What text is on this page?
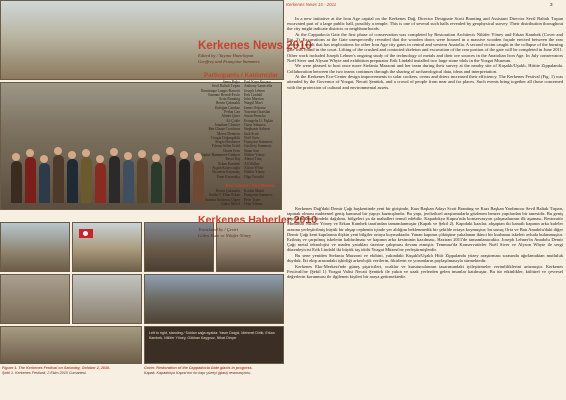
Left to right, standing / Soldan sağa ayakta: Yaser Dalgılı, Mehmet Dirlik, Erkan Kambek, Nilüfer Yöney, Gökhan Kaygısız, Nihat Dinçer
Kerkenes News 2010
Edited by / Yayına Hazırlayan
Geoffrey and Françoise Summers
Participants / Katılımcılar
Sema Bağcı
Sevil Baltalı Tırpan
Dominique Langis-Barsetti
Susanne Berndt-Ersöz
Scott Branting
Berrin Çakmaklı
Erdoğan Cambaz
Ferhat Can
Ahmet Çiner
Ali Çokle
Jonathan Cloutier
Ben Claasz Coockson
Merve Demiröz
Cengiz Doğangüldü
Sergio Diesbauer
Yılmaz Selim Erdal
Gözde Eren
Sophie Hammond-Gimbert
Resul İbiş
Erkan Kambek
Aygün Kalaycıoğlu
Nusrettin Kaymakç
Pınar Kaymakçı
Paul Kaye Kucuco
Anthony Lauricella
Joseph Lehner
Erik Lindahl
John Marston
Nurgül Mavi
James Osborne
Yasemin Özarslan
Susan Penacho
Evangelia U. Pişkin
Cinşe Sabuncu
Stephanie Salwen
Jack Scott
Noël Siver
Françoise Summers
Geoffrey Summers
Sinan Sun
Nilüfer Yöney
Ahmet Tünç
Ali Walker
Alison White
Nilüfer Yöney
Olga Yarcakıl
Eco-Centre / Eko-Merkez
Berrin Çakmaklı
Sosibi T. Ellan-Erkan
Atamuz Korkmaz Ülgen
Güner Mecel
Korkut Mutaf
Françoise Summers
Peter Tauer
Oran Yılmaz
Kerkenes Haberler 2010
Translated by / Çeviri
Gülen Esen ve Nilüfer Yöney
Kerkenes News 15 - 2011	3

In a new initiative at the Iron Age capital on the Kerkenes Dağ, Director Designate Scott Branting and Assistant Director Sevil Baltalı Tırpan excavated part of a large public hall, possibly a temple. This is one of several such halls revealed by geophysical survey. Their distribution throughout the city might indicate districts or neighbourhoods.

At the Cappadocia Gate the first phase of conservation was completed by Restoration Architects Nilüfer Yöney and Erkan Kambek (Cover and Fig. 2). Excavations at the Gate unexpectedly revealed that the wooden doors were housed in a massive wooden façade erected between the rear towers, a result that has implications for other Iron Age city gates in central and western Anatolia. A second victim caught in the collapse of the burning gate was found in the court. Lifting of the crushed and contorted skeleton and excavation of the rear portion of the gate will be completed in June 2011. Other work included Joseph Lehner's ongoing study of the technology of metals and their ore sources in the Anatolian Iron Age. In July conservators Noël Siver and Alyson Whyte and exhibition preparator Erik Lindahl installed two large stone idols in the Yozgat Museum.

We were pleased to host once more Stefania Mazzoni and her team during their survey at the nearby site of Kuşaklı/Uşaklı, Hittite Zippalanda. Collaboration between the two teams continues through the sharing of archaeological data, ideas and interpretation.

At the Kerkenes Eco-Center design improvements to solar cookers, ovens and driers increased their efficiency. The Kerkenes Festival (Fig. 1) was attended by the Governor of Yozgat, Necati Şentürk, and a crowd of people from near and far places. Such events bring together all those concerned with the protection of cultural and environmental assets.

Kerkenes Dağ'daki Demir Çağı başkentinde yeni bir girişimle, Kazı Başkan Adayı Scott Branting ve Kazı Başkan Yardımcısı Sevil Baltalı Tırpan, tapınak olması muhtemel geniş kamusal bir yapıyı kazmışlardır. Bu yapı, jeofiziksel araştırmalarla gözlenen benzer yapılardan bir tanesidir. Bu geniş yapıların kent içindeki dağılımı, bölgeleri ya da mahalleri temsil edebilir. Kapadokya Kapısı'nda konservasyon çalışmalarının ilk aşaması, Restoratör Mimarlar Nilüfer Yöney ve Erkan Kambek tarafından tamamlanmıştır (Kapak ve Şekil 2). Kapıdaki kazılar, ahşaptan iki kanatlı kapının arka kuleler arasına yerleştirilmiş büyük bir ahşap cephenin içinde yer aldığını beklenmedik bir şekilde ortaya koymuştur; bu sonuç Orta ve Batı Anadolu'daki diğer Demir Çağı kent kapılarına ilişkin yeni bilgiler ortaya koymaktadır. Yanan kapının çöküşüne yakalanan ikinci bir kurbanın iskeleti avluda bulunmuştur. Ezilmiş ve çarpılmış iskeletin kaldırılması ve kapının arka kesiminin kazılması, Haziran 2011'de tamamlanacaktır. Joseph Lehner'in Anadolu Demir Çağı metal teknolojisi ve maden yatakları üzerine çalışması devam etmiştir. Temmuz'da Konservatörler Noël Siver ve Alyson Whyte ile sergi düzenleyicisi Erik Lindahl iki büyük taş idolü Yozgat Müzesi'ne yerleştirmişlerdir.

Bu sene yeniden Stefania Mazzoni ve ekibini, yakındaki Kuşaklı/Uşaklı Hitit Zippalanda yüzey araştırması sırasında ağırlamaktan mutluluk duyduk. İki ekip arasındaki işbirliği arkeolojik verilerin, fikirlerin ve yorumların paylaşılmasıyla sürmektedir.

Kerkenes Eko-Merkezi'nde güneş pişiricileri, ocaklar ve kurutucularının tasarımındaki iyileştirmeler verimliliklerini artırmıştır. Kerkenes Festivali'ne (Şekil 1) Yozgat Valisi Necati Şentürk ile yakın ve uzak yerlerden gelen insanlar katılmıştır. Bu tür etkinlikler, kültürel ve çevresel değerlerin korunması ile ilgilenen kişileri bir araya getirmektedir.

Figure 1. The Kerkenes Festival on Saturday, October 2, 2010.
Şekil 1. Kerkenes Festivali, 2 Ekim 2010 Cumartesi.
Cover. Restoration of the Cappadocia Gate glacis in progress.
Kapak. Kapadokya Kapısı'nın ön kapı yüzeyi (glasi) restorasyonu.
